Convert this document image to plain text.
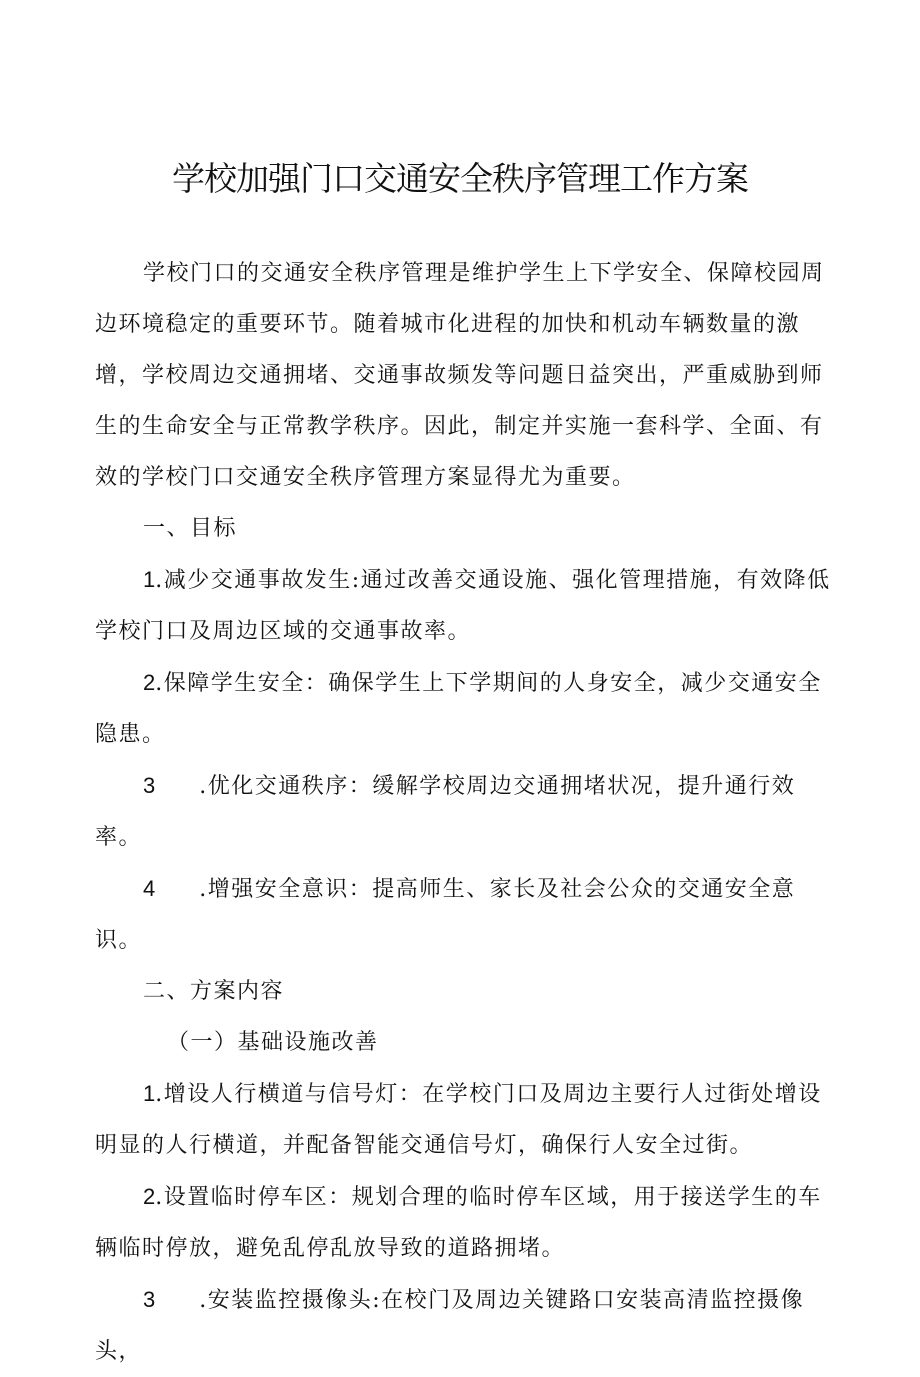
学校加强门口交通安全秩序管理工作方案

学校门口的交通安全秩序管理是维护学生上下学安全、保障校园周边环境稳定的重要环节。随着城市化进程的加快和机动车辆数量的激增，学校周边交通拥堵、交通事故频发等问题日益突出，严重威胁到师生的生命安全与正常教学秩序。因此，制定并实施一套科学、全面、有效的学校门口交通安全秩序管理方案显得尤为重要。

一、目标

1.减少交通事故发生:通过改善交通设施、强化管理措施，有效降低学校门口及周边区域的交通事故率。

2.保障学生安全：确保学生上下学期间的人身安全，减少交通安全隐患。

3 .优化交通秩序：缓解学校周边交通拥堵状况，提升通行效率。

4 .增强安全意识：提高师生、家长及社会公众的交通安全意识。

二、方案内容

（一）基础设施改善

1.增设人行横道与信号灯：在学校门口及周边主要行人过街处增设明显的人行横道，并配备智能交通信号灯，确保行人安全过街。

2.设置临时停车区：规划合理的临时停车区域，用于接送学生的车辆临时停放，避免乱停乱放导致的道路拥堵。

3 .安装监控摄像头:在校门及周边关键路口安装高清监控摄像头，
